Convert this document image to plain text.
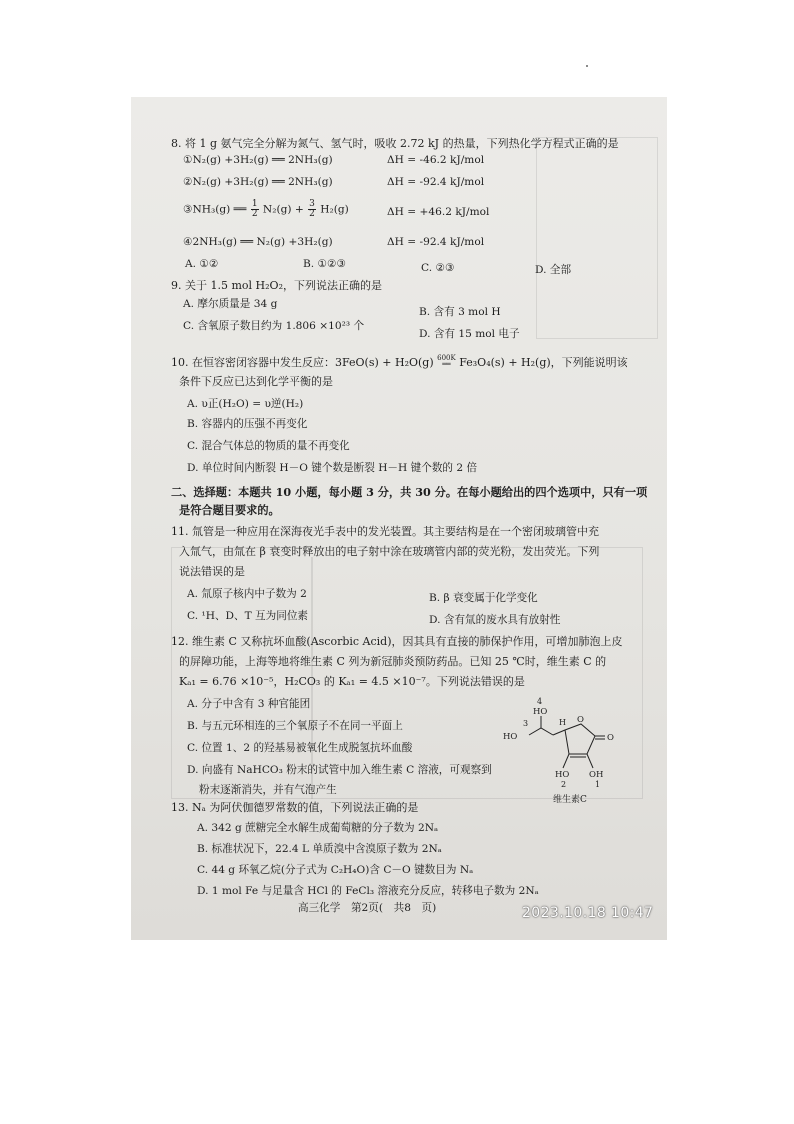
8. 将 1 g 氨气完全分解为氮气、氢气时，吸收 2.72 kJ 的热量，下列热化学方程式正确的是
①N₂(g) +3H₂(g) ══ 2NH₃(g)	ΔH = -46.2 kJ/mol
②N₂(g) +3H₂(g) ══ 2NH₃(g)	ΔH = -92.4 kJ/mol
③NH₃(g) ══ $\frac{1}{2} N_2(g) + \frac{3}{2} H_2(g)$	ΔH = +46.2 kJ/mol
④2NH₃(g) ══ N₂(g) +3H₂(g)	ΔH = -92.4 kJ/mol
A. ①②	B. ①②③	C. ②③	D. 全部
9. 关于 1.5 mol H₂O₂，下列说法正确的是
A. 摩尔质量是 34 g
B. 含有 3 mol H
C. 含氧原子数目约为 1.806 ×10²³ 个
D. 含有 15 mol 电子
10. 在恒容密闭容器中发生反应：3FeO(s) + H₂O(g) 600K
══ Fe₃O₄(s) + H₂(g)，下列能说明该
条件下反应已达到化学平衡的是
A. υ正(H₂O) = υ逆(H₂)
B. 容器内的压强不再变化
C. 混合气体总的物质的量不再变化
D. 单位时间内断裂 H－O 键个数是断裂 H－H 键个数的 2 倍
二、选择题：本题共 10 小题，每小题 3 分，共 30 分。在每小题给出的四个选项中，只有一项
是符合题目要求的。
11. 氚管是一种应用在深海夜光手表中的发光装置。其主要结构是在一个密闭玻璃管中充
入氚气，由氚在 β 衰变时释放出的电子射中涂在玻璃管内部的荧光粉，发出荧光。下列
说法错误的是
A. 氚原子核内中子数为 2	B. β 衰变属于化学变化
C. ¹H、D、T 互为同位素	D. 含有氚的废水具有放射性
12. 维生素 C 又称抗坏血酸(Ascorbic Acid)，因其具有直接的肺保护作用，可增加肺泡上皮
的屏障功能，上海等地将维生素 C 列为新冠肺炎预防药品。已知 25 ℃时，维生素 C 的
Kₐ₁ = 6.76 ×10⁻⁵，H₂CO₃ 的 Kₐ₁ = 4.5 ×10⁻⁷。下列说法错误的是
A. 分子中含有 3 种官能团
B. 与五元环相连的三个氧原子不在同一平面上
C. 位置 1、2 的羟基易被氧化生成脱氢抗坏血酸
D. 向盛有 NaHCO₃ 粉末的试管中加入维生素 C 溶液，可观察到
粉末逐渐消失，并有气泡产生
4
HO
3
HO
H O
O
HO OH
2	1
维生素C
13. Nₐ 为阿伏伽德罗常数的值，下列说法正确的是
A. 342 g 蔗糖完全水解生成葡萄糖的分子数为 2Nₐ
B. 标准状况下，22.4 L 单质溴中含溴原子数为 2Nₐ
C. 44 g 环氧乙烷(分子式为 C₂H₄O)含 C－O 键数目为 Nₐ
D. 1 mol Fe 与足量含 HCl 的 FeCl₃ 溶液充分反应，转移电子数为 2Nₐ
高三化学　第2页(　共8　页)	2023.10.18 10:47
